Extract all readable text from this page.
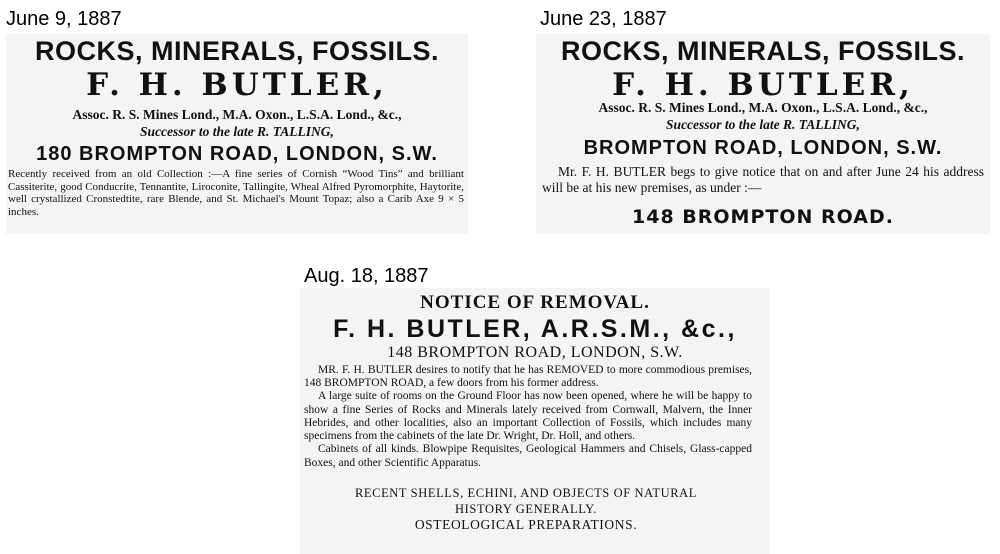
June 9, 1887
ROCKS, MINERALS, FOSSILS.
F. H. BUTLER,
Assoc. R. S. Mines Lond., M.A. Oxon., L.S.A. Lond., &c.,
Successor to the late R. TALLING,
180 BROMPTON ROAD, LONDON, S.W.
Recently received from an old Collection :—A fine series of Cornish “Wood Tins” and brilliant Cassiterite, good Conducrite, Tennantite, Liroconite, Tallingite, Wheal Alfred Pyromorphite, Haytorite, well crystallized Cronstedtite, rare Blende, and St. Michael's Mount Topaz; also a Carib Axe 9 × 5 inches.
June 23, 1887
ROCKS, MINERALS, FOSSILS.
F. H. BUTLER,
Assoc. R. S. Mines Lond., M.A. Oxon., L.S.A. Lond., &c.,
Successor to the late R. TALLING,
BROMPTON ROAD, LONDON, S.W.
Mr. F. H. BUTLER begs to give notice that on and after June 24 his address will be at his new premises, as under :—
148 BROMPTON ROAD.
Aug. 18, 1887
NOTICE OF REMOVAL.
F. H. BUTLER, A.R.S.M., &c.,
148 BROMPTON ROAD, LONDON, S.W.

MR. F. H. BUTLER desires to notify that he has REMOVED to more commodious premises, 148 BROMPTON ROAD, a few doors from his former address.

A large suite of rooms on the Ground Floor has now been opened, where he will be happy to show a fine Series of Rocks and Minerals lately received from Cornwall, Malvern, the Inner Hebrides, and other localities, also an important Collection of Fossils, which includes many specimens from the cabinets of the late Dr. Wright, Dr. Holl, and others.

Cabinets of all kinds. Blowpipe Requisites, Geological Hammers and Chisels, Glass-capped Boxes, and other Scientific Apparatus.

RECENT SHELLS, ECHINI, AND OBJECTS OF NATURAL
HISTORY GENERALLY.
OSTEOLOGICAL PREPARATIONS.
